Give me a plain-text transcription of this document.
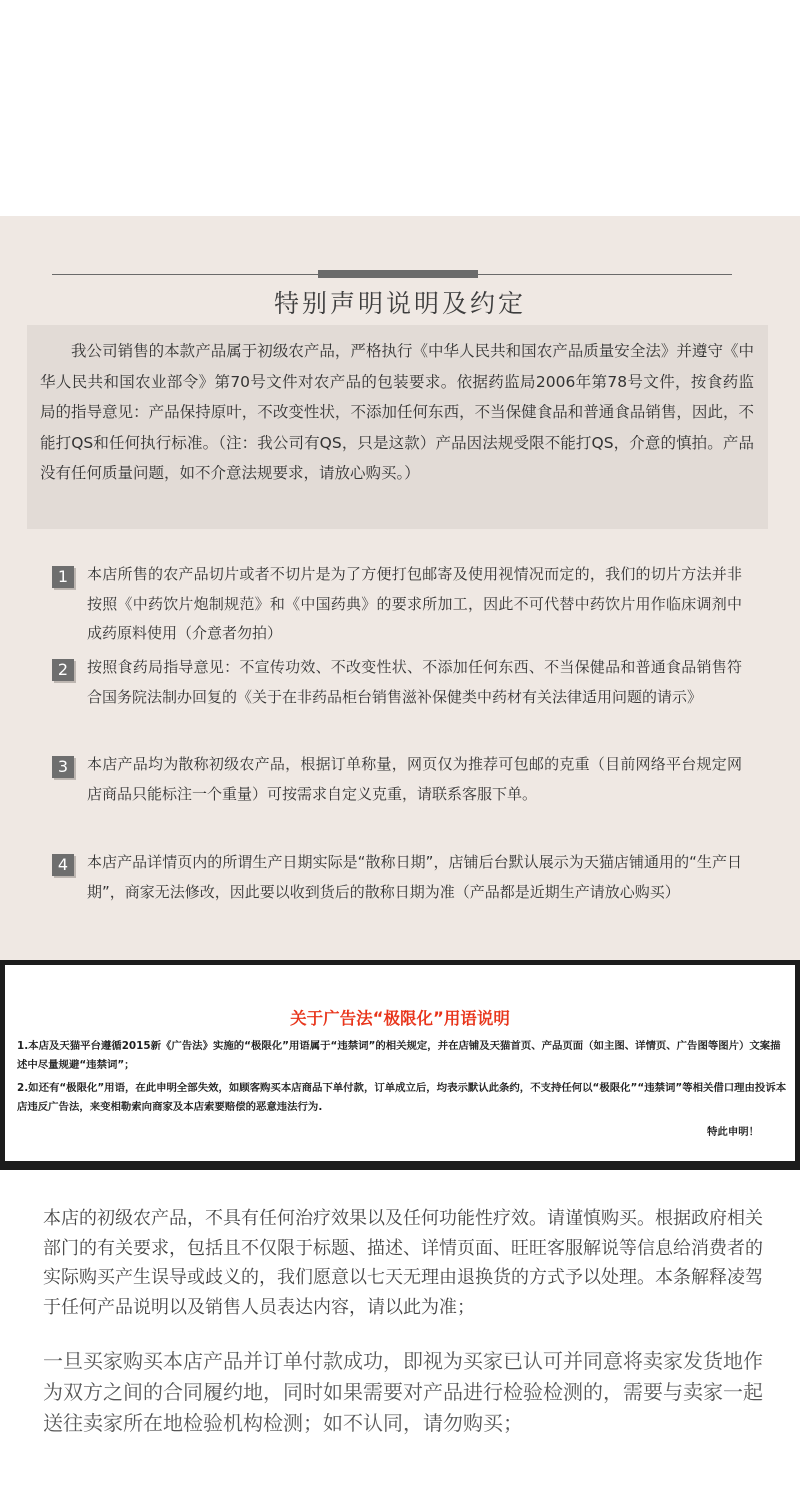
特别声明说明及约定
我公司销售的本款产品属于初级农产品，严格执行《中华人民共和国农产品质量安全法》并遵守《中华人民共和国农业部令》第70号文件对农产品的包装要求。依据药监局2006年第78号文件，按食药监局的指导意见：产品保持原叶，不改变性状，不添加任何东西，不当保健食品和普通食品销售，因此，不能打QS和任何执行标准。（注：我公司有QS，只是这款）产品因法规受限不能打QS，介意的慎拍。产品没有任何质量问题，如不介意法规要求，请放心购买。）
1	本店所售的农产品切片或者不切片是为了方便打包邮寄及使用视情况而定的，我们的切片方法并非按照《中药饮片炮制规范》和《中国药典》的要求所加工，因此不可代替中药饮片用作临床调剂中成药原料使用（介意者勿拍）
2	按照食药局指导意见：不宣传功效、不改变性状、不添加任何东西、不当保健品和普通食品销售符合国务院法制办回复的《关于在非药品柜台销售滋补保健类中药材有关法律适用问题的请示》
3	本店产品均为散称初级农产品，根据订单称量，网页仅为推荐可包邮的克重（目前网络平台规定网店商品只能标注一个重量）可按需求自定义克重，请联系客服下单。
4	本店产品详情页内的所谓生产日期实际是“散称日期”，店铺后台默认展示为天猫店铺通用的“生产日期”，商家无法修改，因此要以收到货后的散称日期为准（产品都是近期生产请放心购买）
关于广告法“极限化”用语说明
1.本店及天猫平台遵循2015新《广告法》实施的“极限化”用语属于“违禁词”的相关规定，并在店铺及天猫首页、产品页面（如主图、详情页、广告图等图片）文案描述中尽量规避“违禁词”；
2.如还有“极限化”用语，在此申明全部失效，如顾客购买本店商品下单付款，订单成立后，均表示默认此条约，不支持任何以“极限化”“违禁词”等相关借口理由投诉本店违反广告法，来变相勒索向商家及本店索要赔偿的恶意违法行为.
特此申明！
本店的初级农产品，不具有任何治疗效果以及任何功能性疗效。请谨慎购买。根据政府相关部门的有关要求，包括且不仅限于标题、描述、详情页面、旺旺客服解说等信息给消费者的实际购买产生误导或歧义的，我们愿意以七天无理由退换货的方式予以处理。本条解释凌驾于任何产品说明以及销售人员表达内容，请以此为准；
一旦买家购买本店产品并订单付款成功，即视为买家已认可并同意将卖家发货地作为双方之间的合同履约地，同时如果需要对产品进行检验检测的，需要与卖家一起送往卖家所在地检验机构检测；如不认同，请勿购买；
